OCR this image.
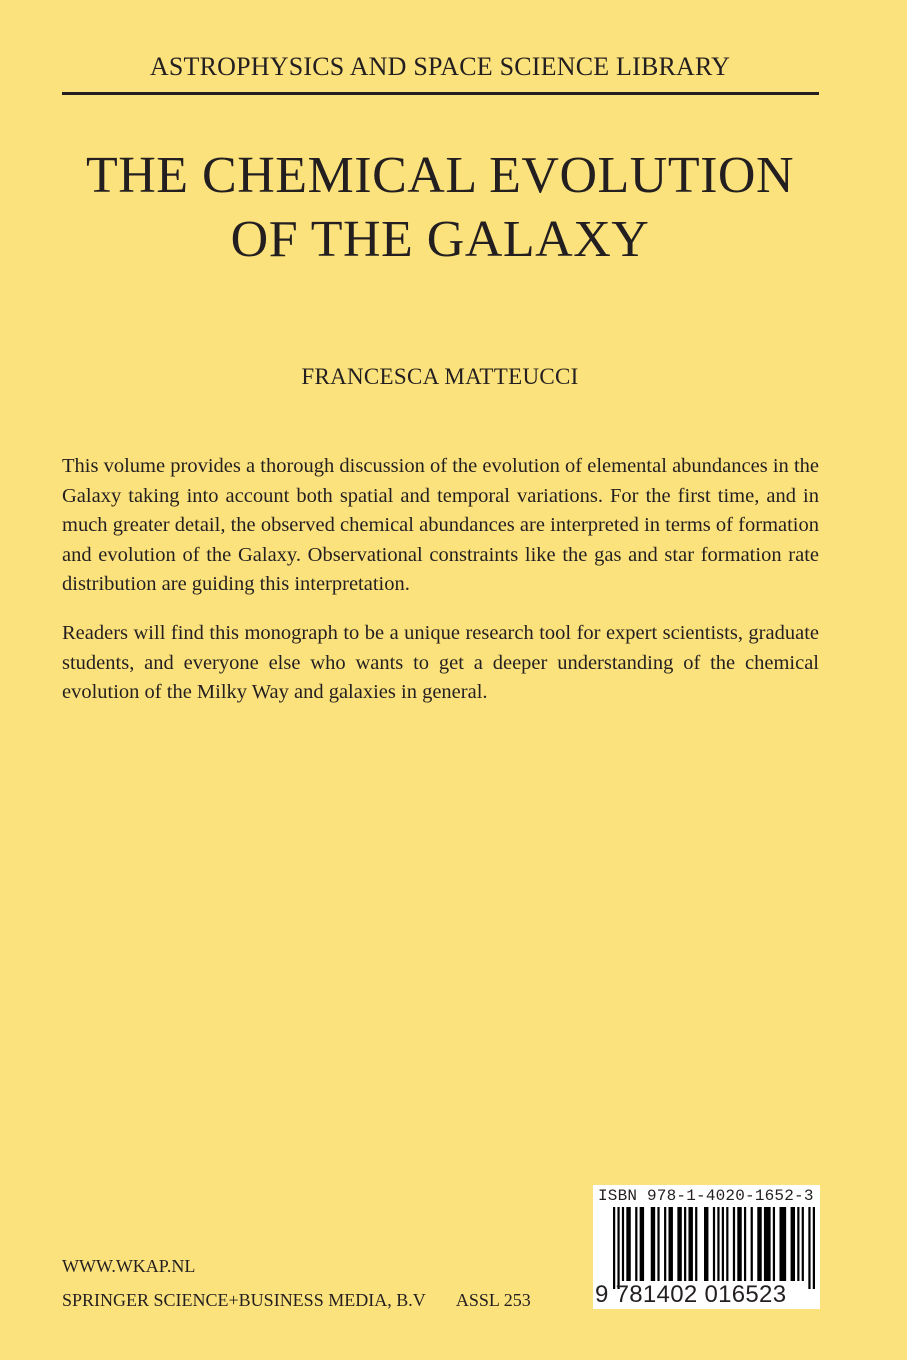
ASTROPHYSICS AND SPACE SCIENCE LIBRARY
THE CHEMICAL EVOLUTION
OF THE GALAXY
FRANCESCA MATTEUCCI

This volume provides a thorough discussion of the evolution of elemental abundances in the Galaxy taking into account both spatial and temporal variations. For the first time, and in much greater detail, the observed chemical abundances are interpreted in terms of formation and evolution of the Galaxy. Observational constraints like the gas and star formation rate distribution are guiding this interpretation.

Readers will find this monograph to be a unique research tool for expert scientists, graduate students, and everyone else who wants to get a deeper understanding of the chemical evolution of the Milky Way and galaxies in general.

WWW.WKAP.NL
SPRINGER SCIENCE+BUSINESS MEDIA, B.V ASSL 253
ISBN 978-1-4020-1652-3
9 781402 016523
